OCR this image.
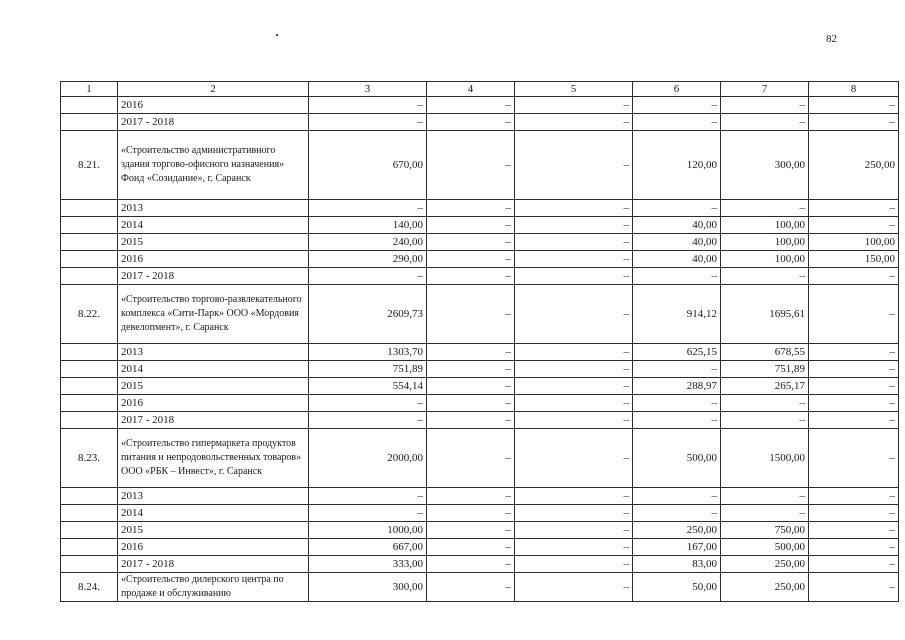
82
1	2	3	4	5	6	7	8
	2016	–	–	–	–	–	–
	2017 - 2018	–	–	–	–	–	–
8.21.	«Строительство административного здания торгово-офисного назначения» Фонд «Созидание», г. Саранск	670,00	–	–	120,00	300,00	250,00
	2013	–	–	–	–	–	–
	2014	140,00	–	–	40,00	100,00	–
	2015	240,00	–	–	40,00	100,00	100,00
	2016	290,00	–	–	40,00	100,00	150,00
	2017 - 2018	–	–	–	–	–	–
8.22.	«Строительство торгово-развлекательного комплекса «Сити-Парк» ООО «Мордовия девелопмент», г. Саранск	2609,73	–	–	914,12	1695,61	–
	2013	1303,70	–	–	625,15	678,55	–
	2014	751,89	–	–	–	751,89	–
	2015	554,14	–	–	288,97	265,17	–
	2016	–	–	–	–	–	–
	2017 - 2018	–	–	–	–	–	–
8.23.	«Строительство гипермаркета продуктов питания и непродовольственных товаров» ООО «РБК – Инвест», г. Саранск	2000,00	–	–	500,00	1500,00	–
	2013	–	–	–	–	–	–
	2014	–	–	–	–	–	–
	2015	1000,00	–	–	250,00	750,00	–
	2016	667,00	–	–	167,00	500,00	–
	2017 - 2018	333,00	–	–	83,00	250,00	–
8.24.	«Строительство дилерского центра по продаже и обслуживанию	300,00	–	–	50,00	250,00	–
